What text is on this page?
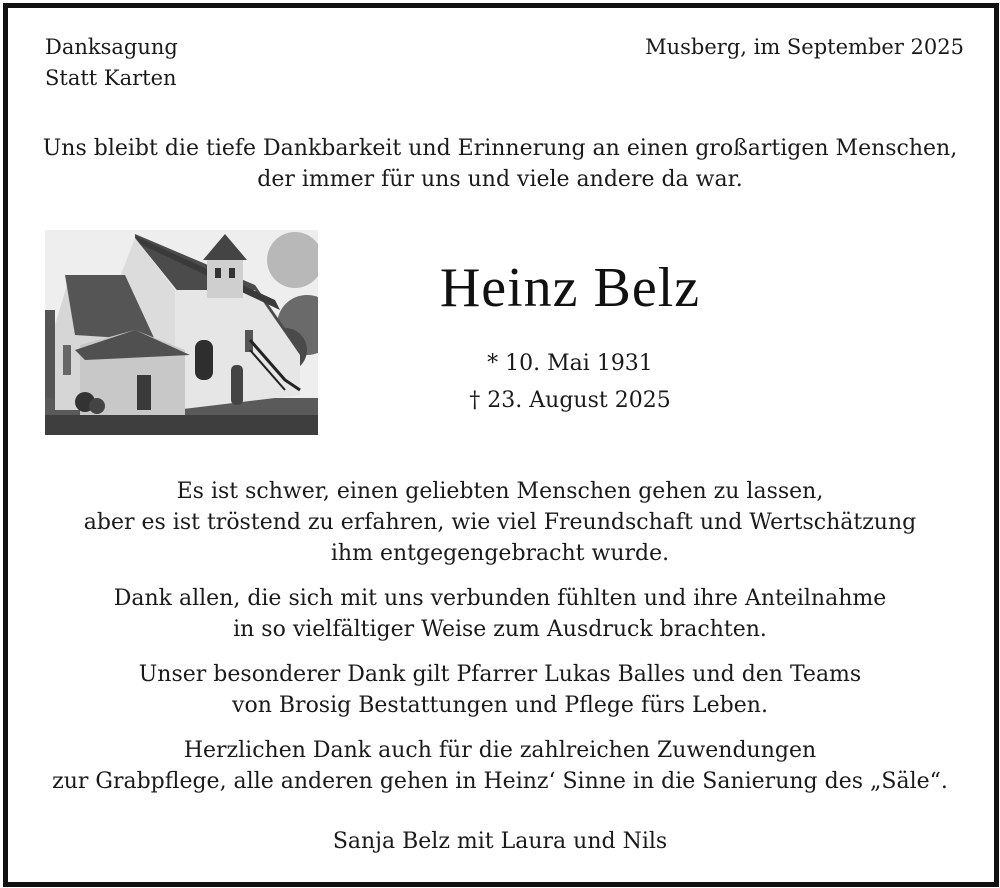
Danksagung
Statt Karten
Musberg, im September 2025
Uns bleibt die tiefe Dankbarkeit und Erinnerung an einen großartigen Menschen,
der immer für uns und viele andere da war.
Heinz Belz
* 10. Mai 1931
† 23. August 2025
Es ist schwer, einen geliebten Menschen gehen zu lassen,
aber es ist tröstend zu erfahren, wie viel Freundschaft und Wertschätzung
ihm entgegengebracht wurde.
Dank allen, die sich mit uns verbunden fühlten und ihre Anteilnahme
in so vielfältiger Weise zum Ausdruck brachten.
Unser besonderer Dank gilt Pfarrer Lukas Balles und den Teams
von Brosig Bestattungen und Pflege fürs Leben.
Herzlichen Dank auch für die zahlreichen Zuwendungen
zur Grabpflege, alle anderen gehen in Heinz‘ Sinne in die Sanierung des „Säle“.
Sanja Belz mit Laura und Nils
